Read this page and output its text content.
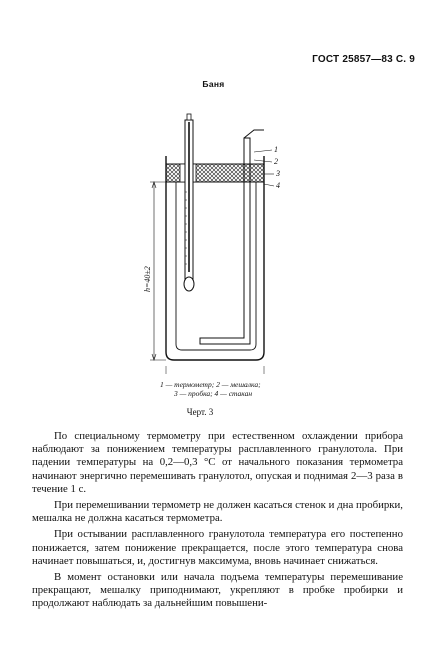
ГОСТ 25857—83 С. 9
Баня
1
2
3
4
h=40±2
1 — термометр; 2 — мешалка;
3 — пробка; 4 — стакан
Черт. 3

По специальному термометру при естественном охлаждении прибора наблюдают за понижением температуры расплавленного гранулотола. При падении температуры на 0,2—0,3 °С от начального показания термометра начинают энергично перемешивать гранулотол, опуская и поднимая 2—3 раза в течение 1 с.

При перемешивании термометр не должен касаться стенок и дна пробирки, мешалка не должна касаться термометра.

При остывании расплавленного гранулотола температура его постепенно понижается, затем понижение прекращается, после этого температура снова начинает повышаться, и, достигнув максимума, вновь начинает снижаться.

В момент остановки или начала подъема температуры перемешивание прекращают, мешалку приподнимают, укрепляют в пробке пробирки и продолжают наблюдать за дальнейшим повышени-
